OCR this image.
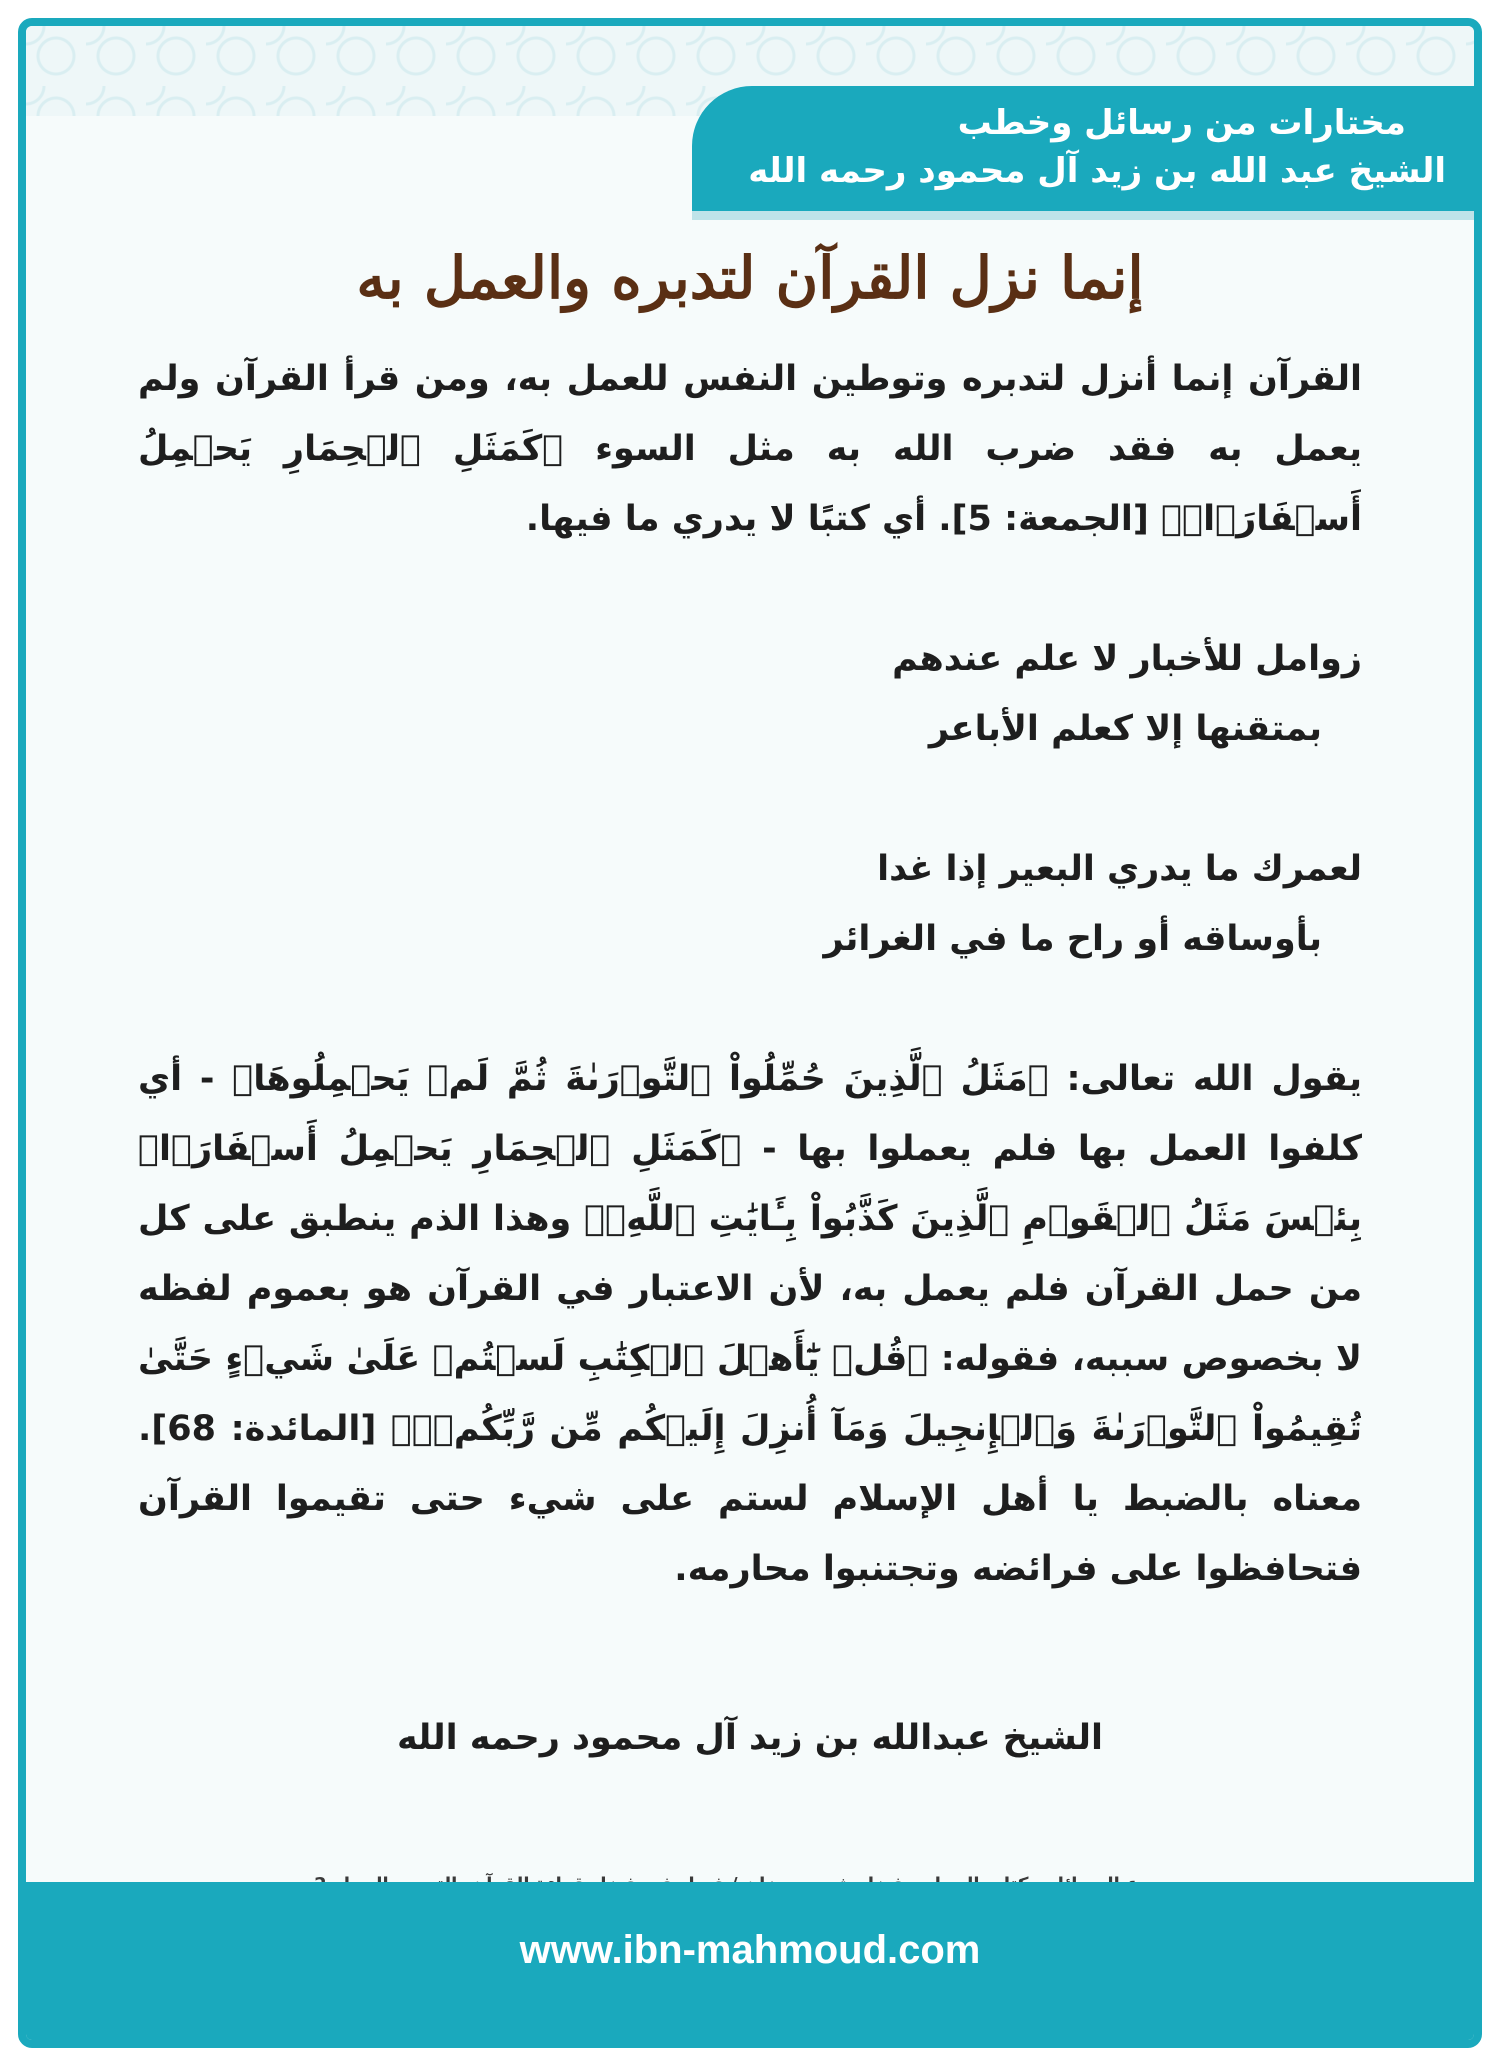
مختارات من رسائل وخطب
الشيخ عبد الله بن زيد آل محمود رحمه الله
إنما نزل القرآن لتدبره والعمل به

القرآن إنما أنزل لتدبره وتوطين النفس للعمل به، ومن قرأ القرآن ولم يعمل به فقد ضرب الله به مثل السوء ﴿كَمَثَلِ ٱلۡحِمَارِ يَحۡمِلُ أَسۡفَارَۢاۚ﴾ [الجمعة: 5]. أي كتبًا لا يدري ما فيها.

زوامل للأخبار لا علم عندهم
بمتقنها إلا كعلم الأباعر
لعمرك ما يدري البعير إذا غدا
بأوساقه أو راح ما في الغرائر

يقول الله تعالى: ﴿مَثَلُ ٱلَّذِينَ حُمِّلُواْ ٱلتَّوۡرَىٰةَ ثُمَّ لَمۡ يَحۡمِلُوهَا﴾ - أي كلفوا العمل بها فلم يعملوا بها - ﴿كَمَثَلِ ٱلۡحِمَارِ يَحۡمِلُ أَسۡفَارَۢاۚ بِئۡسَ مَثَلُ ٱلۡقَوۡمِ ٱلَّذِينَ كَذَّبُواْ بِـَٔايَٰتِ ٱللَّهِۚ﴾ وهذا الذم ينطبق على كل من حمل القرآن فلم يعمل به، لأن الاعتبار في القرآن هو بعموم لفظه لا بخصوص سببه، فقوله: ﴿قُلۡ يَٰٓأَهۡلَ ٱلۡكِتَٰبِ لَسۡتُمۡ عَلَىٰ شَيۡءٍ حَتَّىٰ تُقِيمُواْ ٱلتَّوۡرَىٰةَ وَٱلۡإِنجِيلَ وَمَآ أُنزِلَ إِلَيۡكُم مِّن رَّبِّكُمۡۗ﴾ [المائدة: 68]. معناه بالضبط يا أهل الإسلام لستم على شيء حتى تقيموا القرآن فتحافظوا على فرائضه وتجتنبوا محارمه.

الشيخ عبدالله بن زيد آل محمود رحمه الله
www.ibn-mahmoud.com
